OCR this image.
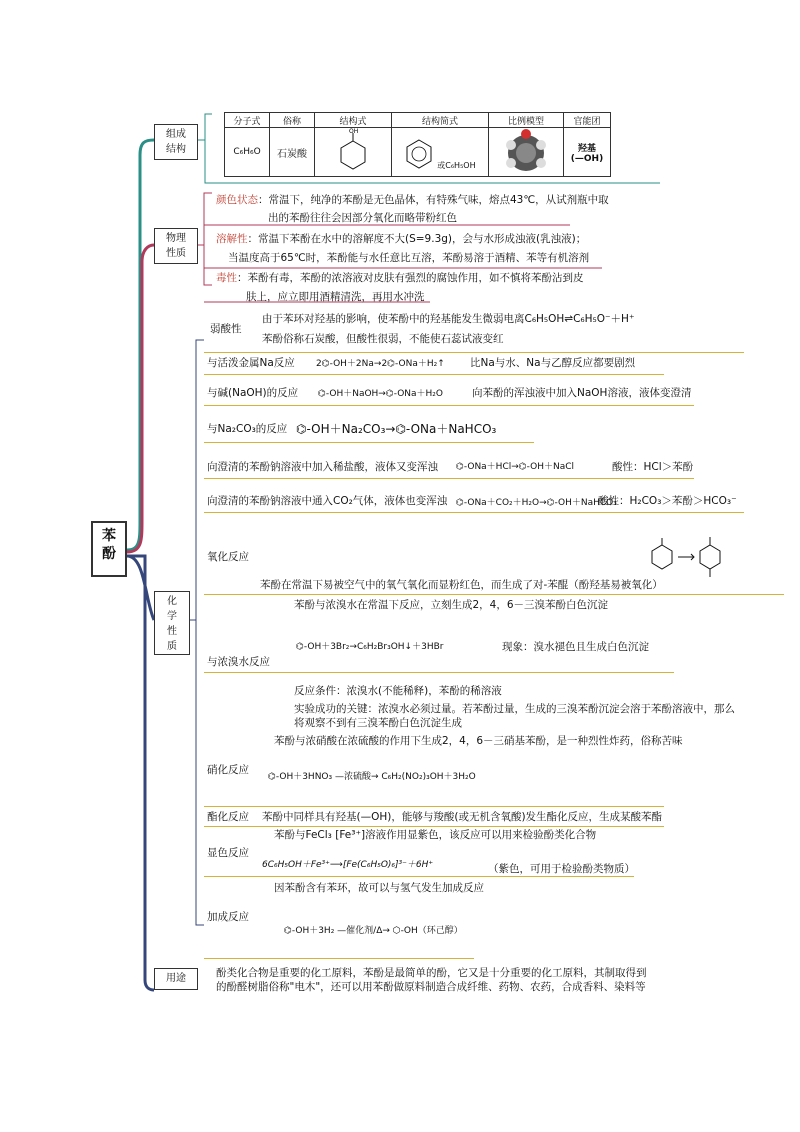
苯
酚
组成
结构
物理
性质
化
学
性
质
用途
分子式	俗称	结构式	结构简式	比例模型	官能团
C₆H₆O	石炭酸	OH	或C₆H₅OH		羟基
(—OH)
颜色状态：常温下，纯净的苯酚是无色晶体，有特殊气味，熔点43℃，从试剂瓶中取
出的苯酚往往会因部分氧化而略带粉红色
溶解性：常温下苯酚在水中的溶解度不大(S=9.3g)，会与水形成浊液(乳浊液)；
当温度高于65℃时，苯酚能与水任意比互溶，苯酚易溶于酒精、苯等有机溶剂
毒性：苯酚有毒，苯酚的浓溶液对皮肤有强烈的腐蚀作用，如不慎将苯酚沾到皮
肤上，应立即用酒精清洗，再用水冲洗
弱酸性
由于苯环对羟基的影响，使苯酚中的羟基能发生微弱电离C₆H₅OH⇌C₆H₅O⁻＋H⁺
苯酚俗称石炭酸，但酸性很弱，不能使石蕊试液变红
与活泼金属Na反应 2⌬-OH＋2Na→2⌬-ONa＋H₂↑ 比Na与水、Na与乙醇反应都要剧烈
与碱(NaOH)的反应 ⌬-OH＋NaOH→⌬-ONa＋H₂O	向苯酚的浑浊液中加入NaOH溶液，液体变澄清
与Na₂CO₃的反应 ⌬-OH＋Na₂CO₃→⌬-ONa＋NaHCO₃
向澄清的苯酚钠溶液中加入稀盐酸，液体又变浑浊 ⌬-ONa＋HCl→⌬-OH＋NaCl	酸性：HCl＞苯酚
向澄清的苯酚钠溶液中通入CO₂气体，液体也变浑浊 ⌬-ONa＋CO₂＋H₂O→⌬-OH＋NaHCO₃
酸性：H₂CO₃＞苯酚＞HCO₃⁻
氧化反应
苯酚在常温下易被空气中的氧气氧化而显粉红色，而生成了对-苯醌（酚羟基易被氧化）
苯酚与浓溴水在常温下反应，立刻生成2，4，6－三溴苯酚白色沉淀
与浓溴水反应
⌬-OH＋3Br₂→C₆H₂Br₃OH↓＋3HBr	现象：溴水褪色且生成白色沉淀
反应条件：浓溴水(不能稀释)，苯酚的稀溶液
实验成功的关键：浓溴水必须过量。若苯酚过量，生成的三溴苯酚沉淀会溶于苯酚溶液中，那么
将观察不到有三溴苯酚白色沉淀生成
苯酚与浓硝酸在浓硫酸的作用下生成2，4，6－三硝基苯酚，是一种烈性炸药，俗称苦味
硝化反应
⌬-OH＋3HNO₃ —浓硫酸→ C₆H₂(NO₂)₃OH＋3H₂O
酯化反应 苯酚中同样具有羟基(—OH)，能够与羧酸(或无机含氧酸)发生酯化反应，生成某酸苯酯
苯酚与FeCl₃ [Fe³⁺]溶液作用显紫色，该反应可以用来检验酚类化合物
显色反应
6C₆H₅OH＋Fe³⁺⟶[Fe(C₆H₅O)₆]³⁻＋6H⁺	（紫色，可用于检验酚类物质）
因苯酚含有苯环，故可以与氢气发生加成反应
加成反应
⌬-OH＋3H₂ —催化剂/Δ→ ⬡-OH（环己醇）
酚类化合物是重要的化工原料，苯酚是最简单的酚，它又是十分重要的化工原料，其制取得到
的酚醛树脂俗称"电木"，还可以用苯酚做原料制造合成纤维、药物、农药，合成香料、染料等
